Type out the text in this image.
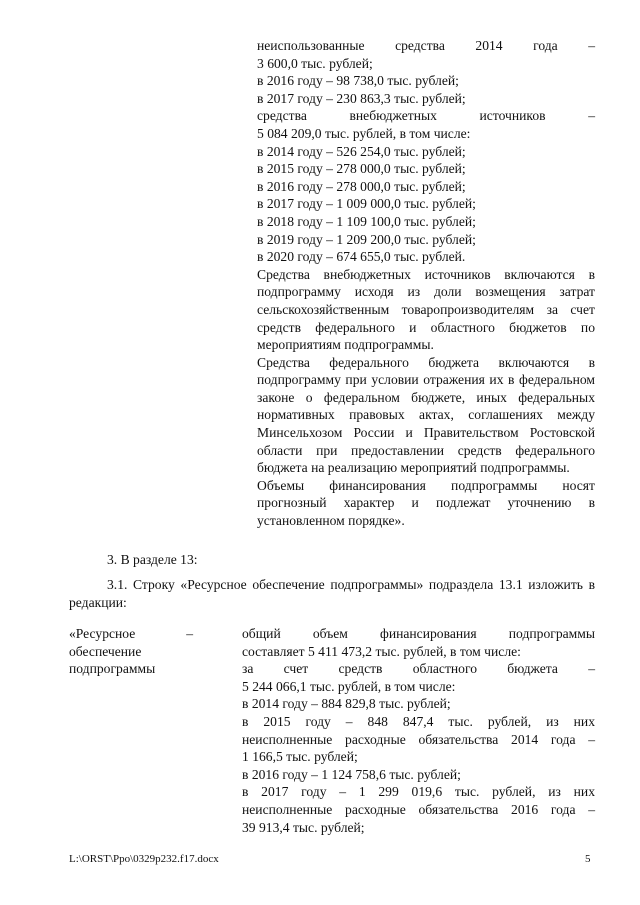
неиспользованные средства 2014 года –
3 600,0 тыс. рублей;
в 2016 году – 98 738,0 тыс. рублей;
в 2017 году – 230 863,3 тыс. рублей;
средства внебюджетных источников –
5 084 209,0 тыс. рублей, в том числе:
в 2014 году – 526 254,0 тыс. рублей;
в 2015 году – 278 000,0 тыс. рублей;
в 2016 году – 278 000,0 тыс. рублей;
в 2017 году – 1 009 000,0 тыс. рублей;
в 2018 году – 1 109 100,0 тыс. рублей;
в 2019 году – 1 209 200,0 тыс. рублей;
в 2020 году – 674 655,0 тыс. рублей.

Средства внебюджетных источников включаются в подпрограмму исходя из доли возмещения затрат сельскохозяйственным товаропроизводителям за счет средств федерального и областного бюджетов по мероприятиям подпрограммы.

Средства федерального бюджета включаются в подпрограмму при условии отражения их в федеральном законе о федеральном бюджете, иных федеральных нормативных правовых актах, соглашениях между Минсельхозом России и Правительством Ростовской области при предоставлении средств федерального бюджета на реализацию мероприятий подпрограммы.

Объемы финансирования подпрограммы носят прогнозный характер и подлежат уточнению в установленном порядке».

3. В разделе 13:
3.1. Строку «Ресурсное обеспечение подпрограммы» подраздела 13.1 изложить в редакции:
«Ресурсное –
обеспечение
подпрограммы
общий объем финансирования подпрограммы
составляет 5 411 473,2 тыс. рублей, в том числе:
за счет средств областного бюджета –
5 244 066,1 тыс. рублей, в том числе:
в 2014 году – 884 829,8 тыс. рублей;
в 2015 году – 848 847,4 тыс. рублей, из них
неисполненные расходные обязательства 2014 года –
1 166,5 тыс. рублей;
в 2016 году – 1 124 758,6 тыс. рублей;
в 2017 году – 1 299 019,6 тыс. рублей, из них
неисполненные расходные обязательства 2016 года –
39 913,4 тыс. рублей;
L:\ORST\Ppo\0329p232.f17.docx	5
